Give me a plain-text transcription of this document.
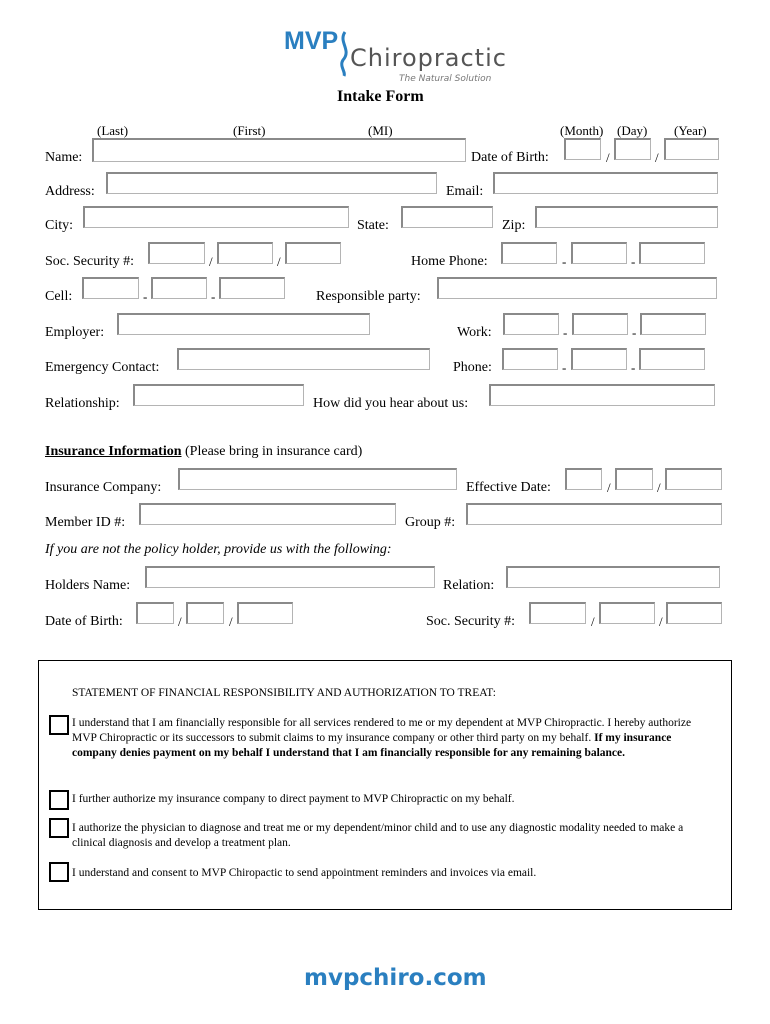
MVP
Chiropractic
The Natural Solution
Intake Form
(Last)	(First)	(MI)	(Month) (Day) (Year)
Name:	Date of Birth:	/	/
Address:	Email:
City:	State:	Zip:
Soc. Security #:	/	/	Home Phone:	-	-
Cell:	-	-	Responsible party:
Employer:	Work:	-	-
Emergency Contact:	Phone:	-	-
Relationship:	How did you hear about us:
Insurance Information (Please bring in insurance card)
Insurance Company:	Effective Date:	/	/
Member ID #:	Group #:
If you are not the policy holder, provide us with the following:
Holders Name:	Relation:
Date of Birth:	/	/	Soc. Security #:	/	/
STATEMENT OF FINANCIAL RESPONSIBILITY AND AUTHORIZATION TO TREAT:
I understand that I am financially responsible for all services rendered to me or my dependent at MVP Chiropractic. I hereby authorize MVP Chiropractic or its successors to submit claims to my insurance company or other third party on my behalf. If my insurance company denies payment on my behalf I understand that I am financially responsible for any remaining balance.
I further authorize my insurance company to direct payment to MVP Chiropractic on my behalf.
I authorize the physician to diagnose and treat me or my dependent/minor child and to use any diagnostic modality needed to make a clinical diagnosis and develop a treatment plan.
I understand and consent to MVP Chiropactic to send appointment reminders and invoices via email.
mvpchiro.com
